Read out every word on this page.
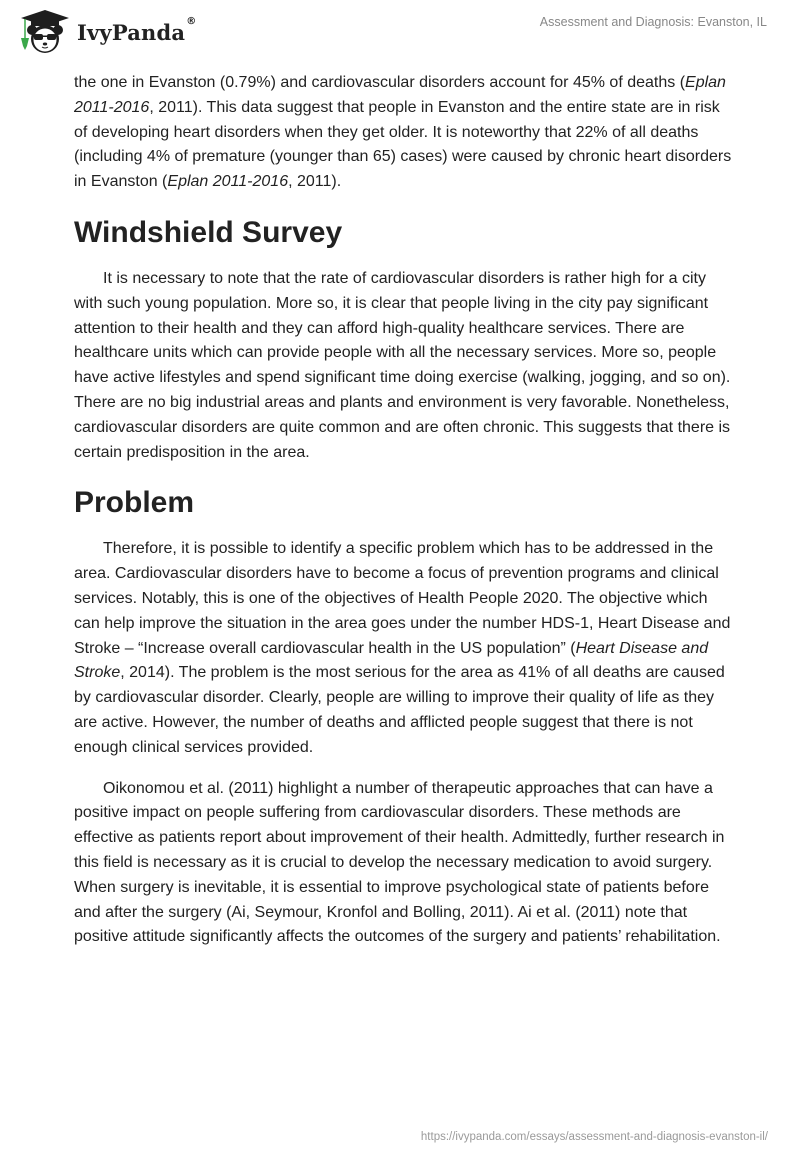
IvyPanda®	Assessment and Diagnosis: Evanston, IL

the one in Evanston (0.79%) and cardiovascular disorders account for 45% of deaths (Eplan 2011-2016, 2011). This data suggest that people in Evanston and the entire state are in risk of developing heart disorders when they get older. It is noteworthy that 22% of all deaths (including 4% of premature (younger than 65) cases) were caused by chronic heart disorders in Evanston (Eplan 2011-2016, 2011).

Windshield Survey

It is necessary to note that the rate of cardiovascular disorders is rather high for a city with such young population. More so, it is clear that people living in the city pay significant attention to their health and they can afford high-quality healthcare services. There are healthcare units which can provide people with all the necessary services. More so, people have active lifestyles and spend significant time doing exercise (walking, jogging, and so on). There are no big industrial areas and plants and environment is very favorable. Nonetheless, cardiovascular disorders are quite common and are often chronic. This suggests that there is certain predisposition in the area.

Problem

Therefore, it is possible to identify a specific problem which has to be addressed in the area. Cardiovascular disorders have to become a focus of prevention programs and clinical services. Notably, this is one of the objectives of Health People 2020. The objective which can help improve the situation in the area goes under the number HDS-1, Heart Disease and Stroke – “Increase overall cardiovascular health in the US population” (Heart Disease and Stroke, 2014). The problem is the most serious for the area as 41% of all deaths are caused by cardiovascular disorder. Clearly, people are willing to improve their quality of life as they are active. However, the number of deaths and afflicted people suggest that there is not enough clinical services provided.

Oikonomou et al. (2011) highlight a number of therapeutic approaches that can have a positive impact on people suffering from cardiovascular disorders. These methods are effective as patients report about improvement of their health. Admittedly, further research in this field is necessary as it is crucial to develop the necessary medication to avoid surgery. When surgery is inevitable, it is essential to improve psychological state of patients before and after the surgery (Ai, Seymour, Kronfol and Bolling, 2011). Ai et al. (2011) note that positive attitude significantly affects the outcomes of the surgery and patients’ rehabilitation.

https://ivypanda.com/essays/assessment-and-diagnosis-evanston-il/
